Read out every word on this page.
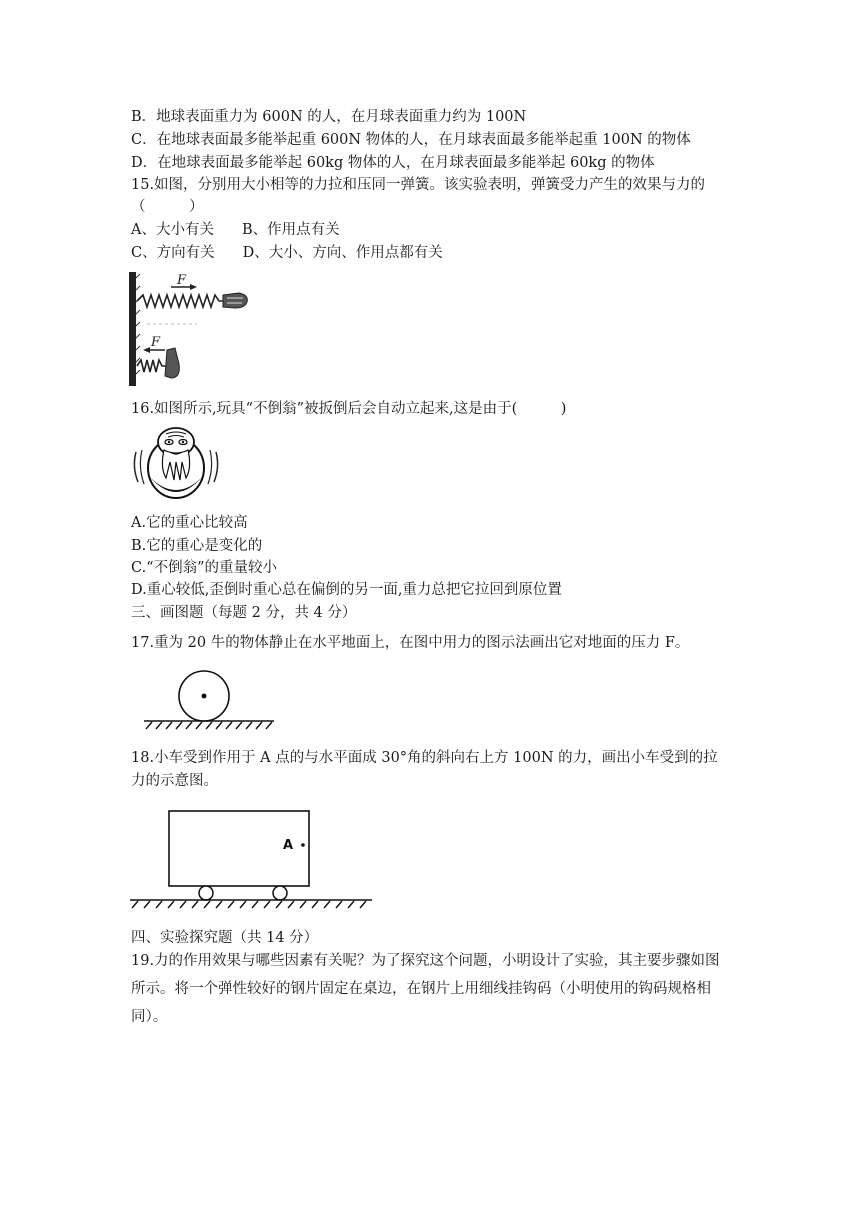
B．地球表面重力为 600N 的人，在月球表面重力约为 100N
C．在地球表面最多能举起重 600N 物体的人，在月球表面最多能举起重 100N 的物体
D．在地球表面最多能举起 60kg 物体的人，在月球表面最多能举起 60kg 的物体
15.如图，分别用大小相等的力拉和压同一弹簧。该实验表明，弹簧受力产生的效果与力的
（　　　）
A、大小有关 B、作用点有关
C、方向有关 D、大小、方向、作用点都有关
F
F
16.如图所示,玩具“不倒翁”被扳倒后会自动立起来,这是由于(　　　)
A.它的重心比较高
B.它的重心是变化的
C.“不倒翁”的重量较小
D.重心较低,歪倒时重心总在偏倒的另一面,重力总把它拉回到原位置
三、画图题（每题 2 分，共 4 分）
17.重为 20 牛的物体静止在水平地面上，在图中用力的图示法画出它对地面的压力 F。
18.小车受到作用于 A 点的与水平面成 30°角的斜向右上方 100N 的力，画出小车受到的拉
力的示意图。
A
四、实验探究题（共 14 分）
19.力的作用效果与哪些因素有关呢？为了探究这个问题，小明设计了实验，其主要步骤如图所示。将一个弹性较好的钢片固定在桌边，在钢片上用细线挂钩码（小明使用的钩码规格相同）。
